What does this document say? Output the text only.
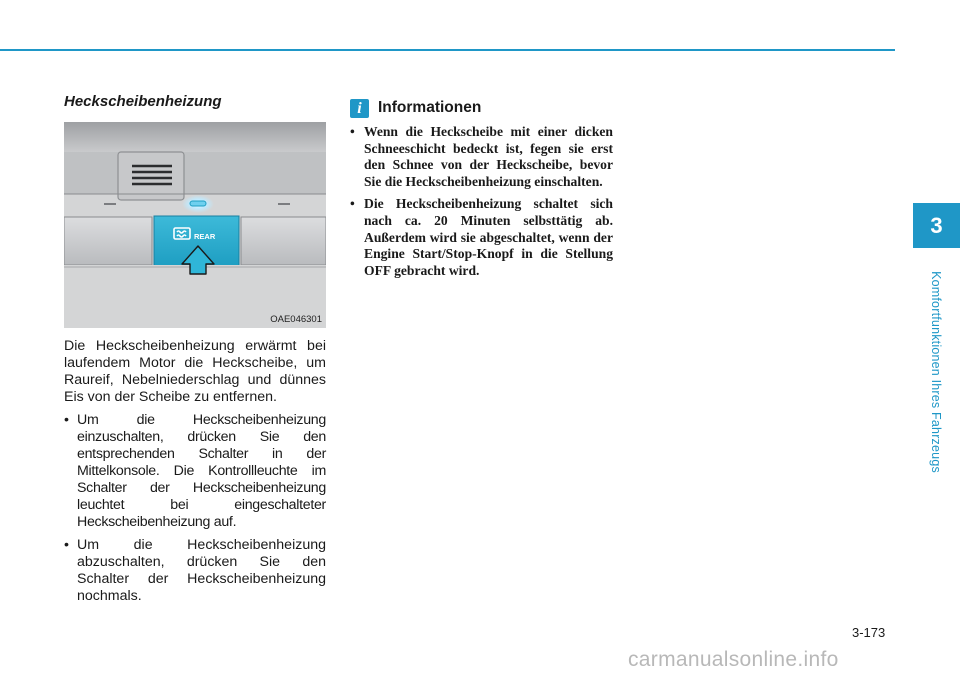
Heckscheibenheizung
REAR
OAE046301

Die Heckscheibenheizung erwärmt bei laufendem Motor die Heckscheibe, um Raureif, Nebelniederschlag und dünnes Eis von der Scheibe zu entfernen.

• Um die Heckscheibenheizung einzuschalten, drücken Sie den entsprechenden Schalter in der Mittelkonsole. Die Kontrollleuchte im Schalter der Heckscheibenheizung leuchtet bei eingeschalteter Heckscheibenheizung auf.
• Um die Heckscheibenheizung abzuschalten, drücken Sie den Schalter der Heckscheibenheizung nochmals.
i	Informationen
• Wenn die Heckscheibe mit einer dicken Schneeschicht bedeckt ist, fegen sie erst den Schnee von der Heckscheibe, bevor Sie die Heckscheibenheizung einschalten.
• Die Heckscheibenheizung schaltet sich nach ca. 20 Minuten selbsttätig ab. Außerdem wird sie abgeschaltet, wenn der Engine Start/Stop-Knopf in die Stellung OFF gebracht wird.
3
Komfortfunktionen Ihres Fahrzeugs
3-173
carmanualsonline.info
